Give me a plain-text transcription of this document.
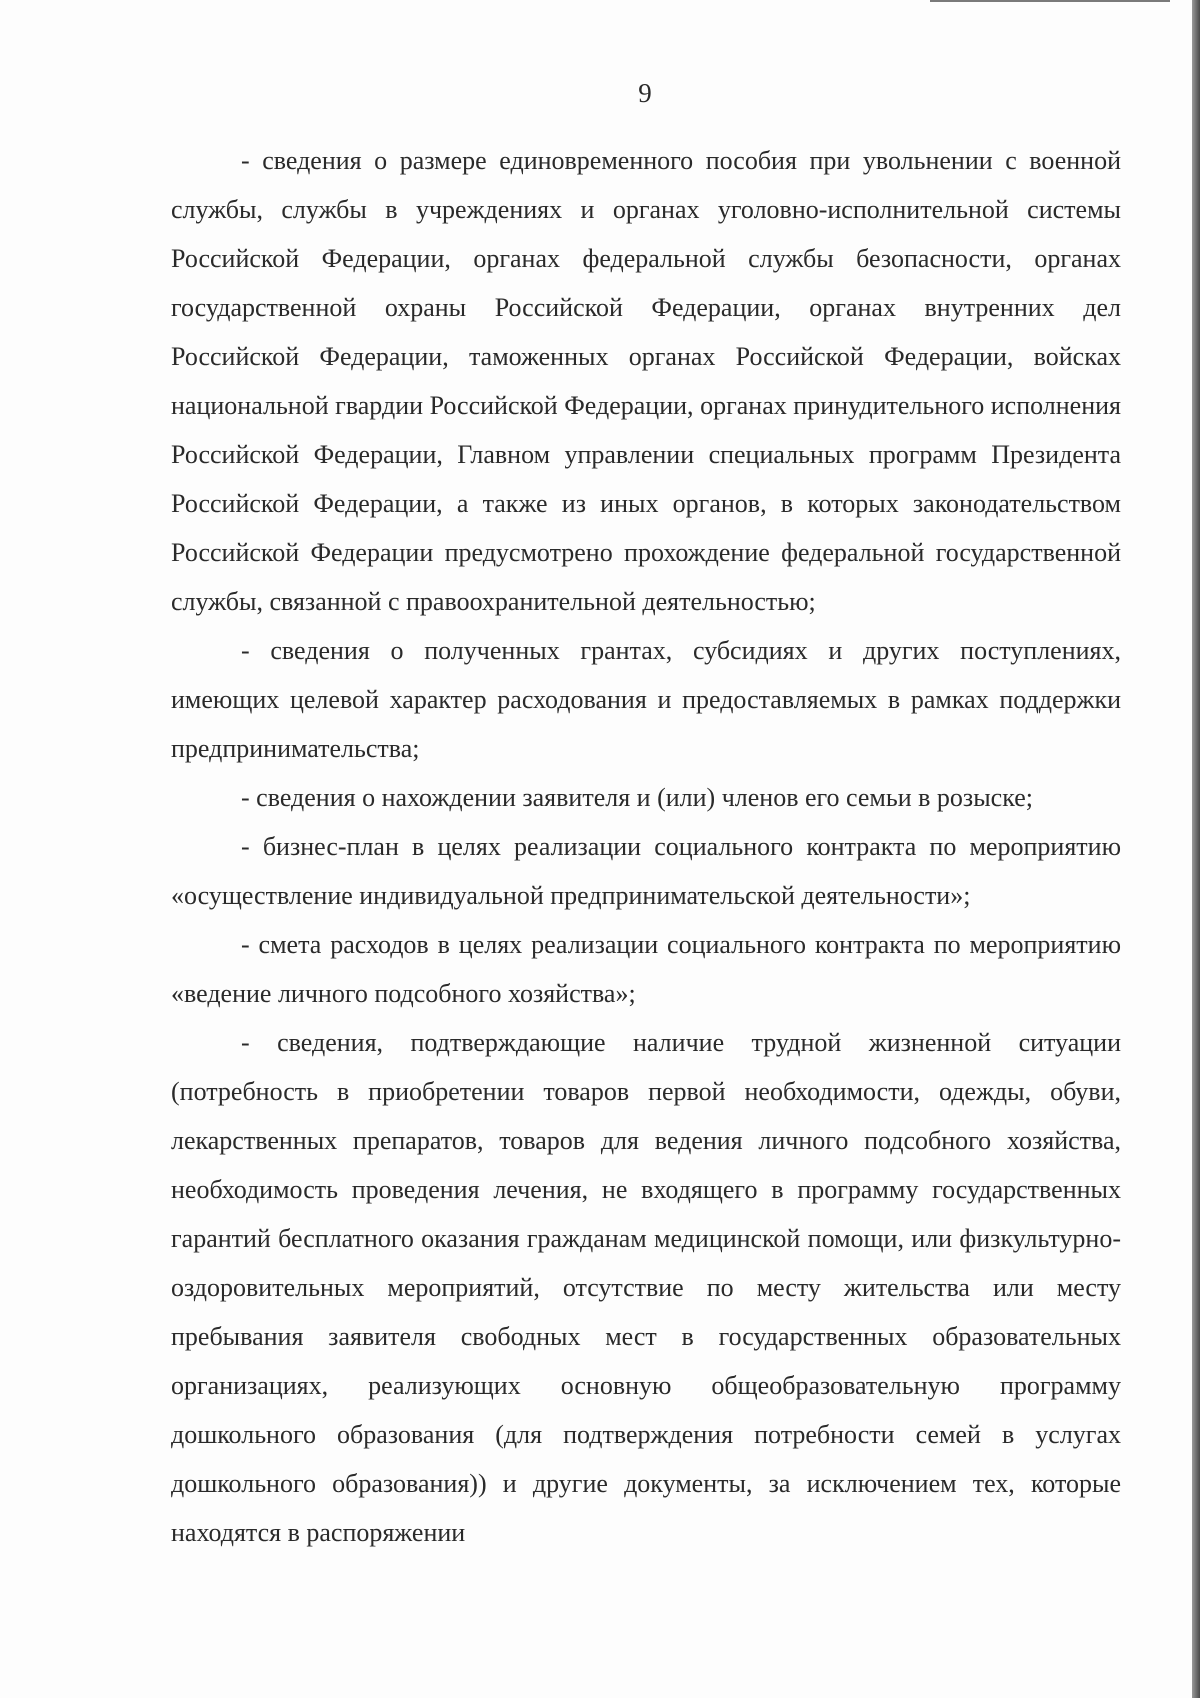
9

- сведения о размере единовременного пособия при увольнении с военной службы, службы в учреждениях и органах уголовно-исполнительной системы Российской Федерации, органах федеральной службы безопасности, органах государственной охраны Российской Федерации, органах внутренних дел Российской Федерации, таможенных органах Российской Федерации, войсках национальной гвардии Российской Федерации, органах принудительного исполнения Российской Федерации, Главном управлении специальных программ Президента Российской Федерации, а также из иных органов, в которых законодательством Российской Федерации предусмотрено прохождение федеральной государственной службы, связанной с правоохранительной деятельностью;

- сведения о полученных грантах, субсидиях и других поступлениях, имеющих целевой характер расходования и предоставляемых в рамках поддержки предпринимательства;

- сведения о нахождении заявителя и (или) членов его семьи в розыске;

- бизнес-план в целях реализации социального контракта по мероприятию «осуществление индивидуальной предпринимательской деятельности»;

- смета расходов в целях реализации социального контракта по мероприятию «ведение личного подсобного хозяйства»;

- сведения, подтверждающие наличие трудной жизненной ситуации (потребность в приобретении товаров первой необходимости, одежды, обуви, лекарственных препаратов, товаров для ведения личного подсобного хозяйства, необходимость проведения лечения, не входящего в программу государственных гарантий бесплатного оказания гражданам медицинской помощи, или физкультурно-оздоровительных мероприятий, отсутствие по месту жительства или месту пребывания заявителя свободных мест в государственных образовательных организациях, реализующих основную общеобразовательную программу дошкольного образования (для подтверждения потребности семей в услугах дошкольного образования)) и другие документы, за исключением тех, которые находятся в распоряжении
